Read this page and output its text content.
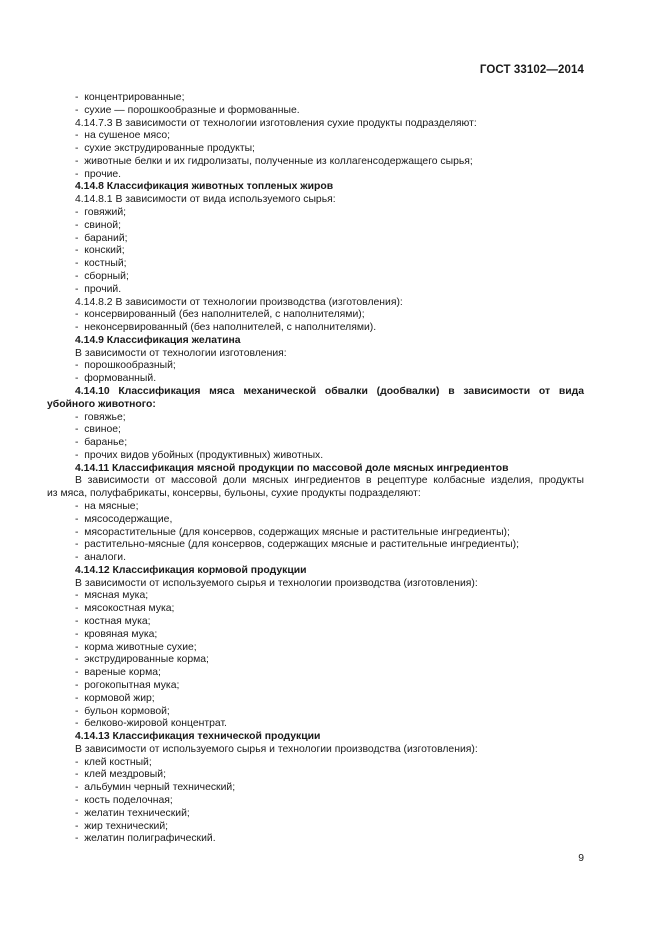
ГОСТ 33102—2014
- концентрированные;
- сухие — порошкообразные и формованные.
4.14.7.3 В зависимости от технологии изготовления сухие продукты подразделяют:
- на сушеное мясо;
- сухие экструдированные продукты;
- животные белки и их гидролизаты, полученные из коллагенсодержащего сырья;
- прочие.
4.14.8 Классификация животных топленых жиров
4.14.8.1 В зависимости от вида используемого сырья:
- говяжий;
- свиной;
- бараний;
- конский;
- костный;
- сборный;
- прочий.
4.14.8.2 В зависимости от технологии производства (изготовления):
- консервированный (без наполнителей, с наполнителями);
- неконсервированный (без наполнителей, с наполнителями).
4.14.9 Классификация желатина
В зависимости от технологии изготовления:
- порошкообразный;
- формованный.
4.14.10 Классификация мяса механической обвалки (дообвалки) в зависимости от вида
убойного животного:
- говяжье;
- свиное;
- баранье;
- прочих видов убойных (продуктивных) животных.
4.14.11 Классификация мясной продукции по массовой доле мясных ингредиентов
В зависимости от массовой доли мясных ингредиентов в рецептуре колбасные изделия, продукты
из мяса, полуфабрикаты, консервы, бульоны, сухие продукты подразделяют:
- на мясные;
- мясосодержащие,
- мясорастительные (для консервов, содержащих мясные и растительные ингредиенты);
- растительно-мясные (для консервов, содержащих мясные и растительные ингредиенты);
- аналоги.
4.14.12 Классификация кормовой продукции
В зависимости от используемого сырья и технологии производства (изготовления):
- мясная мука;
- мясокостная мука;
- костная мука;
- кровяная мука;
- корма животные сухие;
- экструдированные корма;
- вареные корма;
- рогокопытная мука;
- кормовой жир;
- бульон кормовой;
- белково-жировой концентрат.
4.14.13 Классификация технической продукции
В зависимости от используемого сырья и технологии производства (изготовления):
- клей костный;
- клей мездровый;
- альбумин черный технический;
- кость поделочная;
- желатин технический;
- жир технический;
- желатин полиграфический.
9
